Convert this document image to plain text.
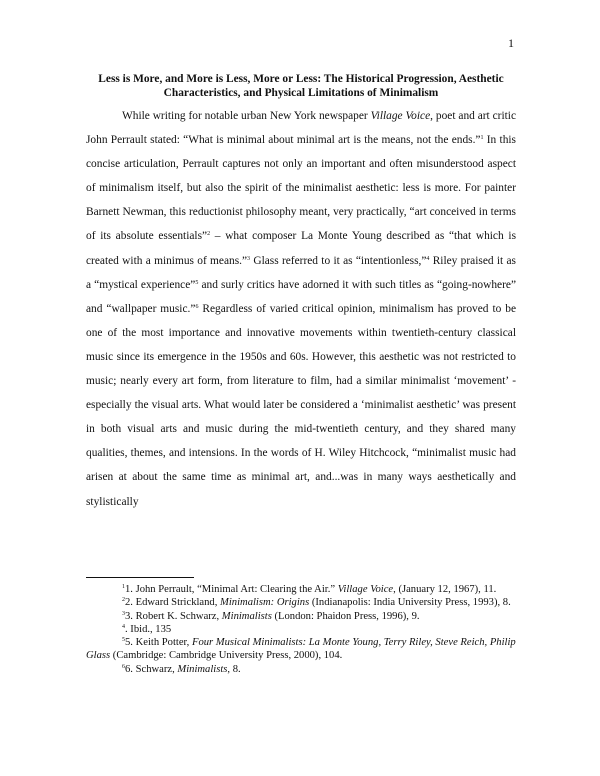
1
Less is More, and More is Less, More or Less: The Historical Progression, Aesthetic
Characteristics, and Physical Limitations of Minimalism

While writing for notable urban New York newspaper Village Voice, poet and art critic John Perrault stated: “What is minimal about minimal art is the means, not the ends.”$^1$ In this concise articulation, Perrault captures not only an important and often misunderstood aspect of minimalism itself, but also the spirit of the minimalist aesthetic: less is more. For painter Barnett Newman, this reductionist philosophy meant, very practically, “art conceived in terms of its absolute essentials”$^2$ – what composer La Monte Young described as “that which is created with a minimus of means.”$^3$ Glass referred to it as “intentionless,”$^4$ Riley praised it as a “mystical experience”$^5$ and surly critics have adorned it with such titles as “going-nowhere” and “wallpaper music.”$^6$ Regardless of varied critical opinion, minimalism has proved to be one of the most importance and innovative movements within twentieth-century classical music since its emergence in the 1950s and 60s. However, this aesthetic was not restricted to music; nearly every art form, from literature to film, had a similar minimalist ‘movement’ - especially the visual arts. What would later be considered a ‘minimalist aesthetic’ was present in both visual arts and music during the mid-twentieth century, and they shared many qualities, themes, and intensions. In the words of H. Wiley Hitchcock, “minimalist music had arisen at about the same time as minimal art, and...was in many ways aesthetically and stylistically

$^1$1. John Perrault, “Minimal Art: Clearing the Air.” Village Voice, (January 12, 1967), 11.
$^2$2. Edward Strickland, Minimalism: Origins (Indianapolis: India University Press, 1993), 8.
$^3$3. Robert K. Schwarz, Minimalists (London: Phaidon Press, 1996), 9.
$^4$. Ibid., 135
$^5$5. Keith Potter, Four Musical Minimalists: La Monte Young, Terry Riley, Steve Reich, Philip Glass (Cambridge: Cambridge University Press, 2000), 104.
$^6$6. Schwarz, Minimalists, 8.
